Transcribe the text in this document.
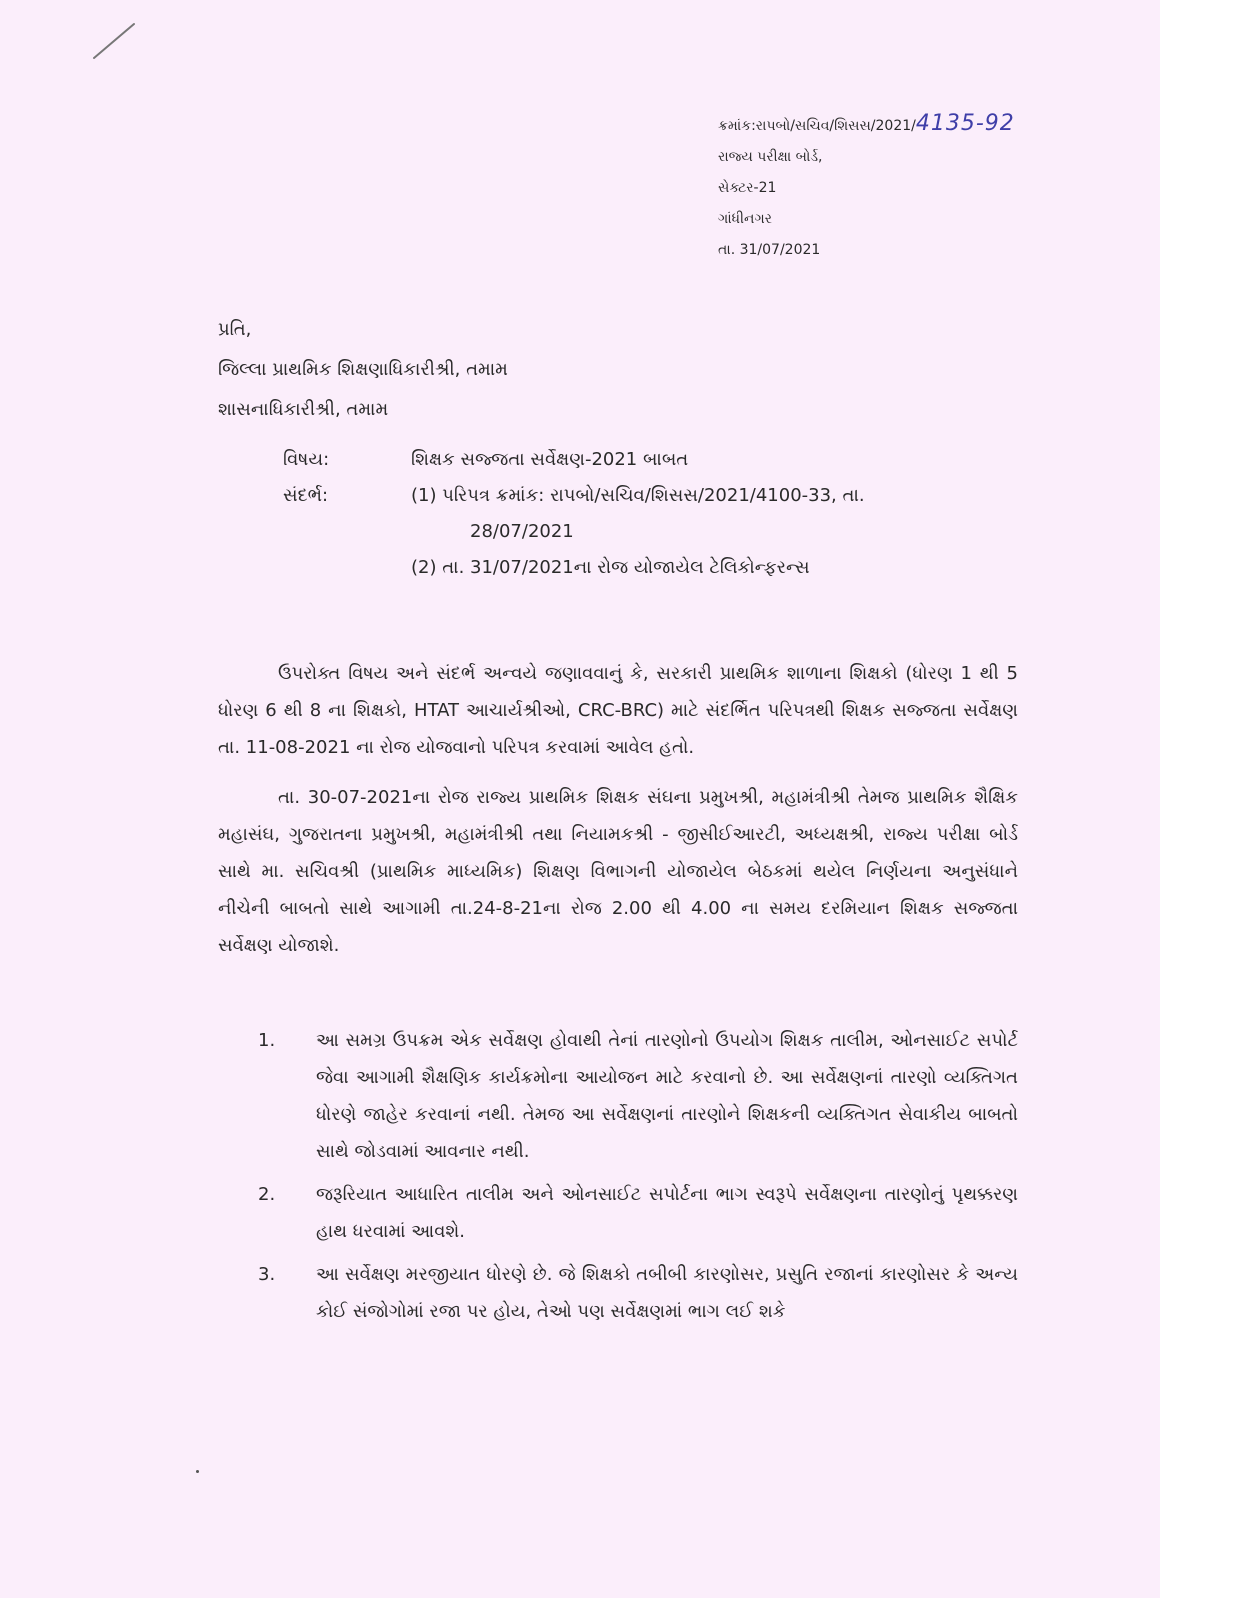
ક્રમાંક:રાપબો/સચિવ/શિસસ/2021/4135-92
રાજ્ય પરીક્ષા બોર્ડ,
સેક્ટર-21
ગાંધીનગર
તા. 31/07/2021
પ્રતિ,
જિલ્લા પ્રાથમિક શિક્ષણાધિકારીશ્રી, તમામ
શાસનાધિકારીશ્રી, તમામ
વિષય:	શિક્ષક સજ્જતા સર્વેક્ષણ-2021 બાબત
સંદર્ભ:	(1) પરિપત્ર ક્રમાંક: રાપબો/સચિવ/શિસસ/2021/4100-33, તા.
28/07/2021
(2) તા. 31/07/2021ના રોજ યોજાયેલ ટેલિકોન્ફરન્સ

ઉપરોક્ત વિષય અને સંદર્ભ અન્વયે જણાવવાનું કે, સરકારી પ્રાથમિક શાળાના શિક્ષકો (ધોરણ 1 થી 5 ધોરણ 6 થી 8 ના શિક્ષકો, HTAT આચાર્યશ્રીઓ, CRC-BRC) માટે સંદર્ભિત પરિપત્રથી શિક્ષક સજ્જતા સર્વેક્ષણ તા. 11-08-2021 ના રોજ યોજવાનો પરિપત્ર કરવામાં આવેલ હતો.

તા. 30-07-2021ના રોજ રાજ્ય પ્રાથમિક શિક્ષક સંઘના પ્રમુખશ્રી, મહામંત્રીશ્રી તેમજ પ્રાથમિક શૈક્ષિક મહાસંઘ, ગુજરાતના પ્રમુખશ્રી, મહામંત્રીશ્રી તથા નિયામકશ્રી - જીસીઈઆરટી, અધ્યક્ષશ્રી, રાજ્ય પરીક્ષા બોર્ડ સાથે મા. સચિવશ્રી (પ્રાથમિક માધ્યમિક) શિક્ષણ વિભાગની યોજાયેલ બેઠકમાં થયેલ નિર્ણયના અનુસંધાને નીચેની બાબતો સાથે આગામી તા.24-8-21ના રોજ 2.00 થી 4.00 ના સમય દરમિયાન શિક્ષક સજ્જતા સર્વેક્ષણ યોજાશે.

1. આ સમગ્ર ઉપક્રમ એક સર્વેક્ષણ હોવાથી તેનાં તારણોનો ઉપયોગ શિક્ષક તાલીમ, ઓનસાઈટ સપોર્ટ જેવા આગામી શૈક્ષણિક કાર્યક્રમોના આયોજન માટે કરવાનો છે. આ સર્વેક્ષણનાં તારણો વ્યક્તિગત ધોરણે જાહેર કરવાનાં નથી. તેમજ આ સર્વેક્ષણનાં તારણોને શિક્ષકની વ્યક્તિગત સેવાકીય બાબતો સાથે જોડવામાં આવનાર નથી.
2. જરૂરિયાત આધારિત તાલીમ અને ઓનસાઈટ સપોર્ટના ભાગ સ્વરૂપે સર્વેક્ષણના તારણોનું પૃથક્કરણ હાથ ધરવામાં આવશે.
3. આ સર્વેક્ષણ મરજીયાત ધોરણે છે. જે શિક્ષકો તબીબી કારણોસર, પ્રસુતિ રજાનાં કારણોસર કે અન્ય કોઈ સંજોગોમાં રજા પર હોય, તેઓ પણ સર્વેક્ષણમાં ભાગ લઈ શકે
